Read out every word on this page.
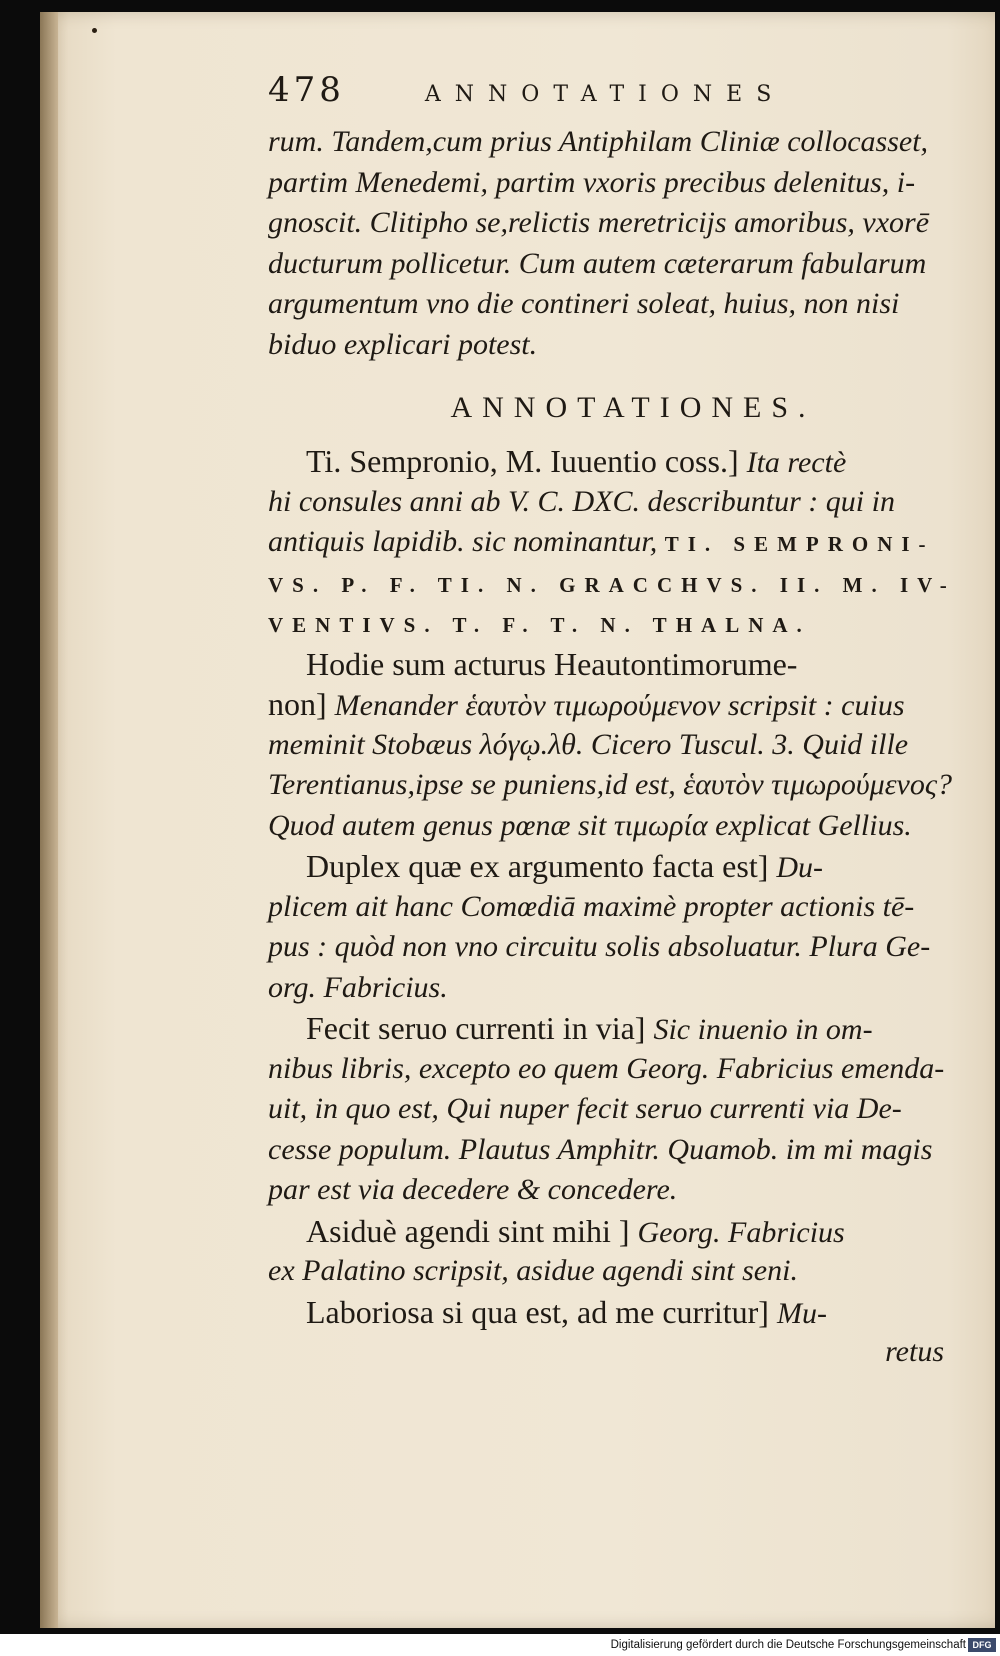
478	ANNOTATIONES
rum. Tandem,cum prius Antiphilam Cliniæ collocasset,
partim Menedemi, partim vxoris precibus delenitus, i-
gnoscit. Clitipho se,relictis meretricijs amoribus, vxorē
ducturum pollicetur. Cum autem cæterarum fabularum
argumentum vno die contineri soleat, huius, non nisi
biduo explicari potest.
ANNOTATIONES.
Ti. Sempronio, M. Iuuentio coss.] Ita rectè
hi consules anni ab V. C. DXC. describuntur : qui in
antiquis lapidib. sic nominantur, TI. SEMPRONI-
VS. P. F. TI. N. GRACCHVS. II. M. IV-
VENTIVS. T. F. T. N. THALNA.
Hodie sum acturus Heautontimorume-
non] Menander ἑαυτὸν τιμωρούμενον scripsit : cuius
meminit Stobæus λόγῳ.λθ. Cicero Tuscul. 3. Quid ille
Terentianus,ipse se puniens,id est, ἑαυτὸν τιμωρούμενος?
Quod autem genus pœnæ sit τιμωρία explicat Gellius.
Duplex quæ ex argumento facta est] Du-
plicem ait hanc Comœdiā maximè propter actionis tē-
pus : quòd non vno circuitu solis absoluatur. Plura Ge-
org. Fabricius.
Fecit seruo currenti in via] Sic inuenio in om-
nibus libris, excepto eo quem Georg. Fabricius emenda-
uit, in quo est, Qui nuper fecit seruo currenti via De-
cesse populum. Plautus Amphitr. Quamob. im mi magis
par est via decedere & concedere.
Asiduè agendi sint mihi ] Georg. Fabricius
ex Palatino scripsit, asidue agendi sint seni.
Laboriosa si qua est, ad me curritur] Mu-
retus
Digitalisierung gefördert durch die Deutsche Forschungsgemeinschaft DFG
